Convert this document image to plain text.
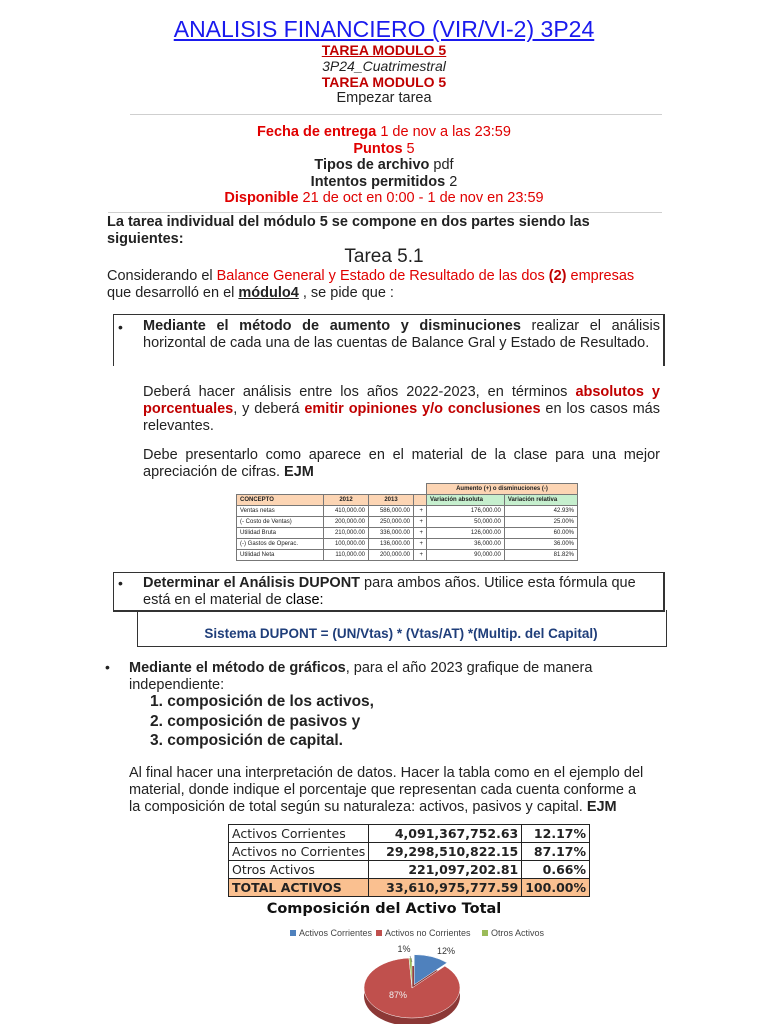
ANALISIS FINANCIERO (VIR/VI-2) 3P24
TAREA MODULO 5
3P24_Cuatrimestral
TAREA MODULO 5
Empezar tarea
Fecha de entrega 1 de nov a las 23:59
Puntos 5
Tipos de archivo pdf
Intentos permitidos 2
Disponible 21 de oct en 0:00 - 1 de nov en 23:59
La tarea individual del módulo 5 se compone en dos partes siendo las siguientes:
Tarea 5.1
Considerando el Balance General y Estado de Resultado de las dos (2) empresas
que desarrolló en el módulo4 , se pide que :
• Mediante el método de aumento y disminuciones realizar el análisis horizontal de cada una de las cuentas de Balance Gral y Estado de Resultado.
Deberá hacer análisis entre los años 2022-2023, en términos absolutos y porcentuales, y deberá emitir opiniones y/o conclusiones en los casos más relevantes.
Debe presentarlo como aparece en el material de la clase para una mejor apreciación de cifras. EJM
				Aumento (+) o disminuciones (-)	
CONCEPTO	2012	2013		Variación absoluta	Variación relativa
Ventas netas	410,000.00	586,000.00	+	176,000.00	42.93%
(- Costo de Ventas)	200,000.00	250,000.00	+	50,000.00	25.00%
Utilidad Bruta	210,000.00	336,000.00	+	126,000.00	60.00%
(-) Gastos de Operac.	100,000.00	136,000.00	+	36,000.00	36.00%
Utilidad Neta	110,000.00	200,000.00	+	90,000.00	81.82%
• Determinar el Análisis DUPONT para ambos años. Utilice esta fórmula que está en el material de clase:
Sistema DUPONT = (UN/Vtas) * (Vtas/AT) *(Multip. del Capital)
• Mediante el método de gráficos, para el año 2023 grafique de manera independiente:
1. composición de los activos,
2. composición de pasivos y
3. composición de capital.
Al final hacer una interpretación de datos. Hacer la tabla como en el ejemplo del material, donde indique el porcentaje que representan cada cuenta conforme a la composición de total según su naturaleza: activos, pasivos y capital. EJM
Activos Corrientes	4,091,367,752.63	12.17%
Activos no Corrientes	29,298,510,822.15	87.17%
Otros Activos	221,097,202.81	0.66%
TOTAL ACTIVOS	33,610,975,777.59	100.00%
Composición del Activo Total
Activos Corrientes Activos no Corrientes Otros Activos
12%
87%
1%
